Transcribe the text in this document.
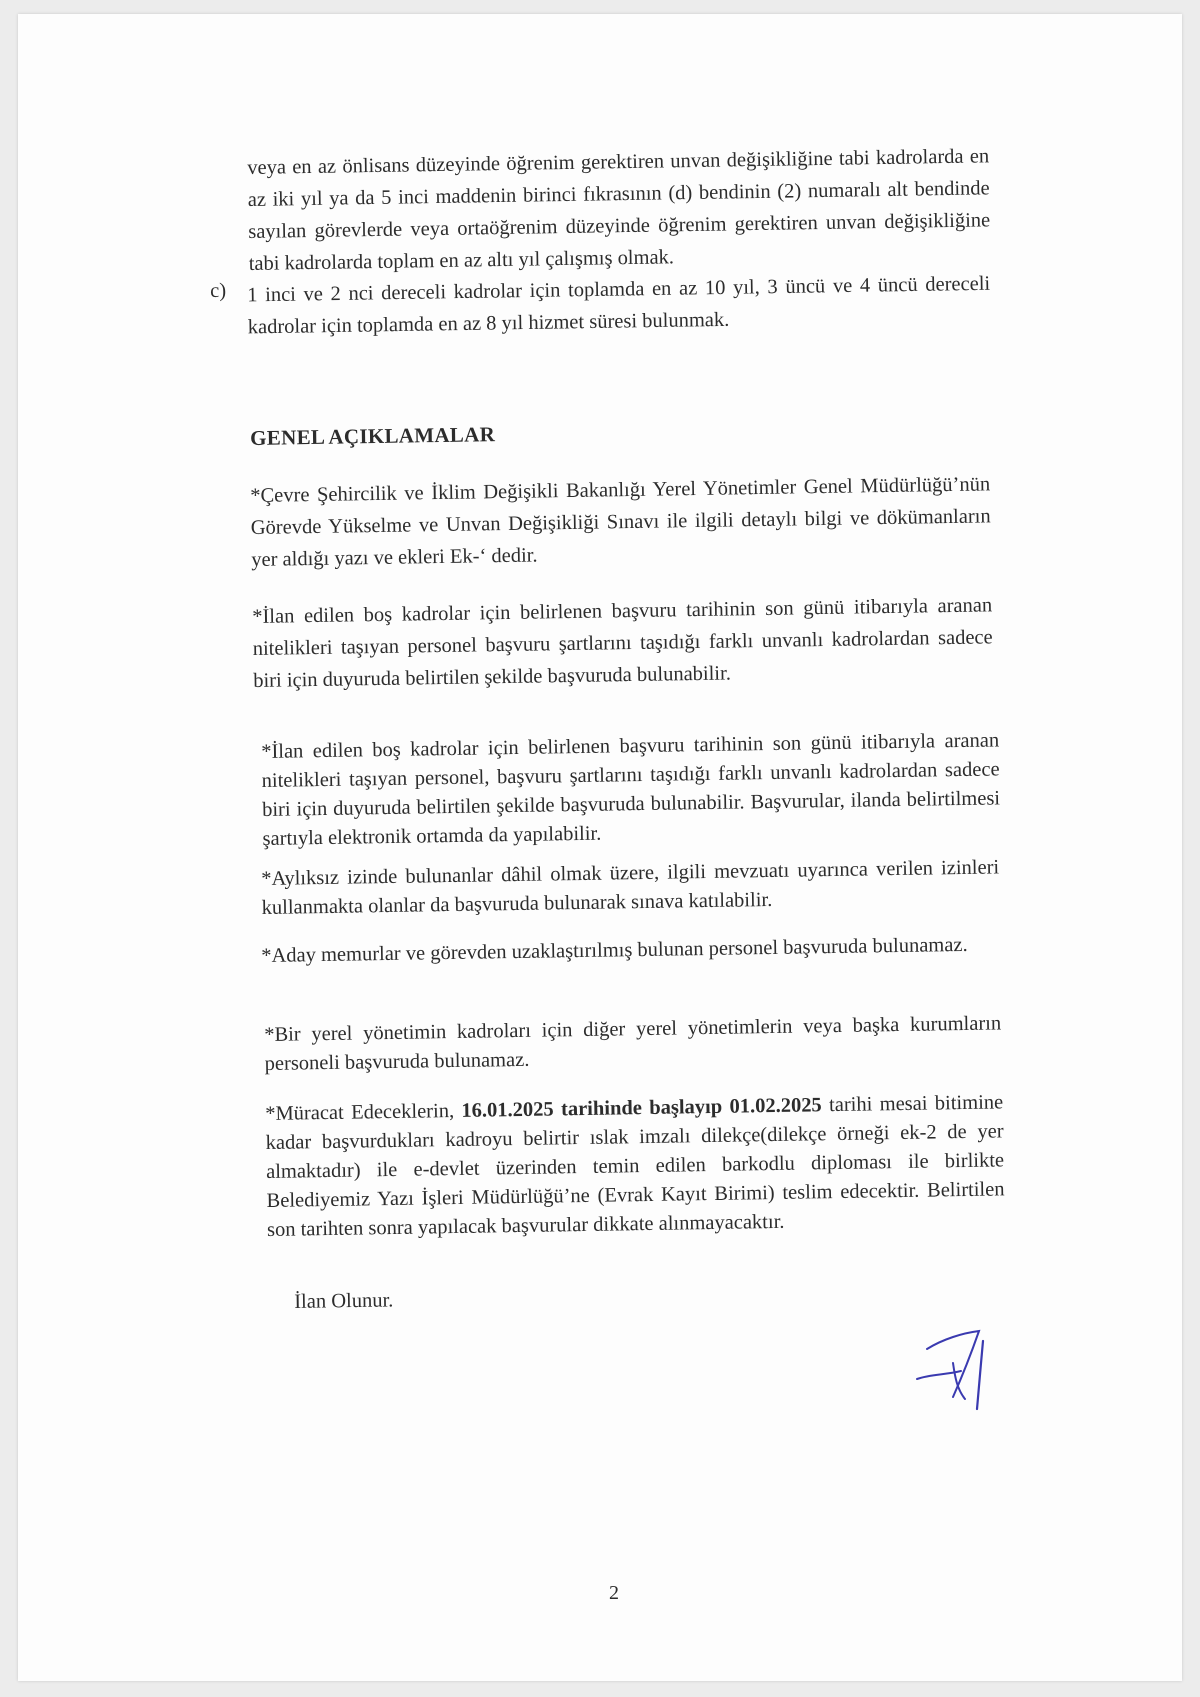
veya en az önlisans düzeyinde öğrenim gerektiren unvan değişikliğine tabi kadrolarda en az iki yıl ya da 5 inci maddenin birinci fıkrasının (d) bendinin (2) numaralı alt bendinde sayılan görevlerde veya ortaöğrenim düzeyinde öğrenim gerektiren unvan değişikliğine tabi kadrolarda toplam en az altı yıl çalışmış olmak.

c) 1 inci ve 2 nci dereceli kadrolar için toplamda en az 10 yıl, 3 üncü ve 4 üncü dereceli kadrolar için toplamda en az 8 yıl hizmet süresi bulunmak.

GENEL AÇIKLAMALAR

*Çevre Şehircilik ve İklim Değişikli Bakanlığı Yerel Yönetimler Genel Müdürlüğü’nün Görevde Yükselme ve Unvan Değişikliği Sınavı ile ilgili detaylı bilgi ve dökümanların yer aldığı yazı ve ekleri Ek-‘ dedir.

*İlan edilen boş kadrolar için belirlenen başvuru tarihinin son günü itibarıyla aranan nitelikleri taşıyan personel başvuru şartlarını taşıdığı farklı unvanlı kadrolardan sadece biri için duyuruda belirtilen şekilde başvuruda bulunabilir.

*İlan edilen boş kadrolar için belirlenen başvuru tarihinin son günü itibarıyla aranan nitelikleri taşıyan personel, başvuru şartlarını taşıdığı farklı unvanlı kadrolardan sadece biri için duyuruda belirtilen şekilde başvuruda bulunabilir. Başvurular, ilanda belirtilmesi şartıyla elektronik ortamda da yapılabilir.

*Aylıksız izinde bulunanlar dâhil olmak üzere, ilgili mevzuatı uyarınca verilen izinleri kullanmakta olanlar da başvuruda bulunarak sınava katılabilir.

*Aday memurlar ve görevden uzaklaştırılmış bulunan personel başvuruda bulunamaz.

*Bir yerel yönetimin kadroları için diğer yerel yönetimlerin veya başka kurumların personeli başvuruda bulunamaz.

*Müracat Edeceklerin, 16.01.2025 tarihinde başlayıp 01.02.2025 tarihi mesai bitimine kadar başvurdukları kadroyu belirtir ıslak imzalı dilekçe(dilekçe örneği ek-2 de yer almaktadır) ile e-devlet üzerinden temin edilen barkodlu diploması ile birlikte Belediyemiz Yazı İşleri Müdürlüğü’ne (Evrak Kayıt Birimi) teslim edecektir. Belirtilen son tarihten sonra yapılacak başvurular dikkate alınmayacaktır.

İlan Olunur.
2
